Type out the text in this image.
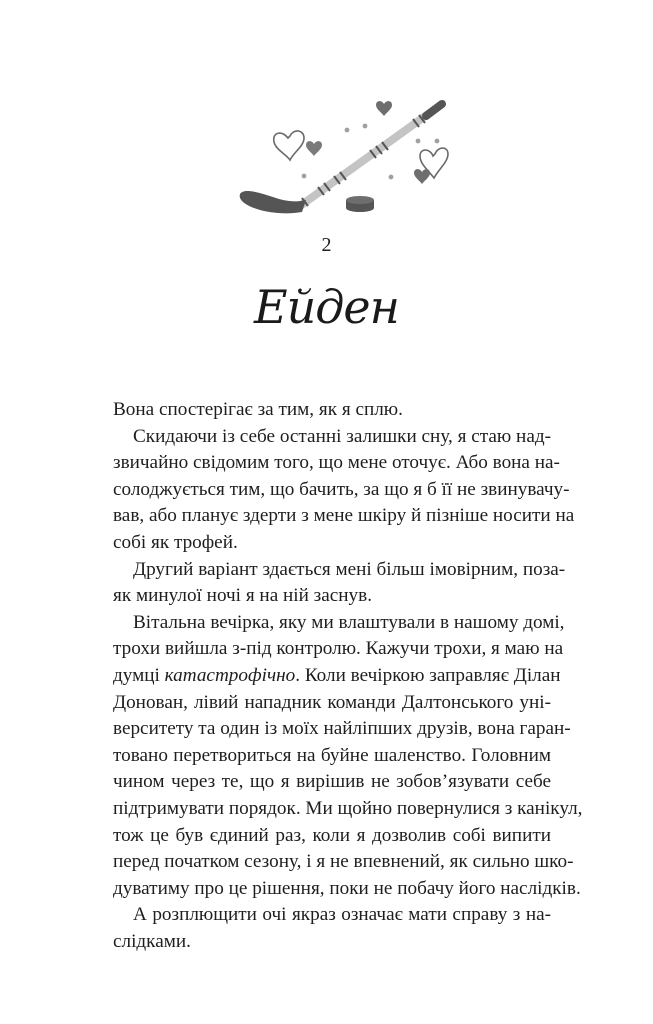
2
Ейден
Вона спостерігає за тим, як я сплю.
Скидаючи із себе останні залишки сну, я стаю над-
звичайно свідомим того, що мене оточує. Або вона на-
солоджується тим, що бачить, за що я б її не звинувачу-
вав, або планує здерти з мене шкіру й пізніше носити на
собі як трофей.
Другий варіант здається мені більш імовірним, поза-
як минулої ночі я на ній заснув.
Вітальна вечірка, яку ми влаштували в нашому домі,
трохи вийшла з-під контролю. Кажучи трохи, я маю на
думці катастрофічно. Коли вечіркою заправляє Ділан
Донован, лівий нападник команди Далтонського уні-
верситету та один із моїх найліпших друзів, вона гаран-
товано перетвориться на буйне шаленство. Головним
чином через те, що я вирішив не зобов’язувати себе
підтримувати порядок. Ми щойно повернулися з канікул,
тож це був єдиний раз, коли я дозволив собі випити
перед початком сезону, і я не впевнений, як сильно шко-
дуватиму про це рішення, поки не побачу його наслідків.
А розплющити очі якраз означає мати справу з на-
слідками.
